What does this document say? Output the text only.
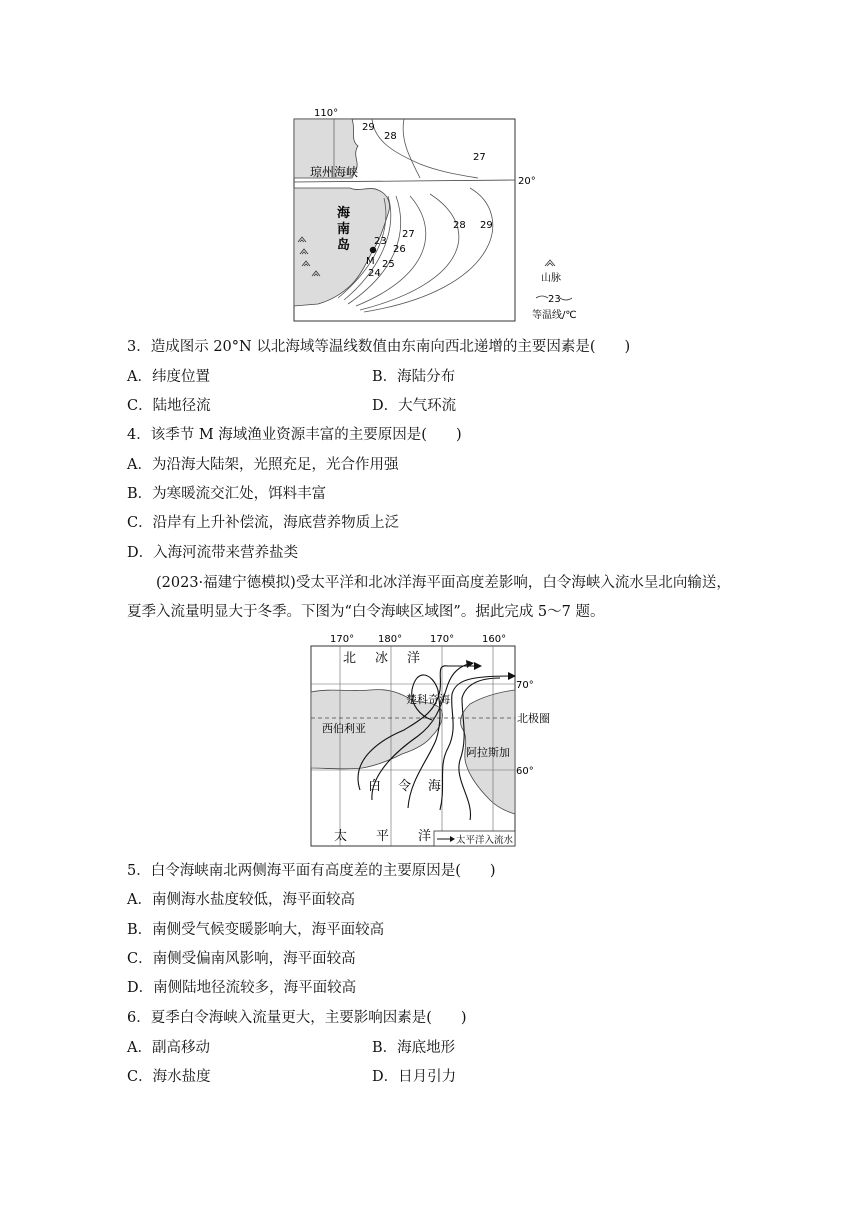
110°
20°
29
28
27
28 29
27
26
25
24
23
琼州海峡
海
南
岛
M
山脉
23
等温线/℃
3．造成图示 20°N 以北海域等温线数值由东南向西北递增的主要因素是(　　)
A．纬度位置	B．海陆分布
C．陆地径流	D．大气环流
4．该季节 M 海域渔业资源丰富的主要原因是(　　)
A．为沿海大陆架，光照充足，光合作用强
B．为寒暖流交汇处，饵料丰富
C．沿岸有上升补偿流，海底营养物质上泛
D．入海河流带来营养盐类
(2023·福建宁德模拟)受太平洋和北冰洋海平面高度差影响，白令海峡入流水呈北向输送，
夏季入流量明显大于冬季。下图为“白令海峡区域图”。据此完成 5～7 题。
170° 180°	170°	160°
70°
北极圈
60°
北 冰 洋
楚科奇海
西伯利亚
阿拉斯加
白 令 海
太 平 洋	太平洋入流水
5．白令海峡南北两侧海平面有高度差的主要原因是(　　)
A．南侧海水盐度较低，海平面较高
B．南侧受气候变暖影响大，海平面较高
C．南侧受偏南风影响，海平面较高
D．南侧陆地径流较多，海平面较高
6．夏季白令海峡入流量更大，主要影响因素是(　　)
A．副高移动	B．海底地形
C．海水盐度	D．日月引力
